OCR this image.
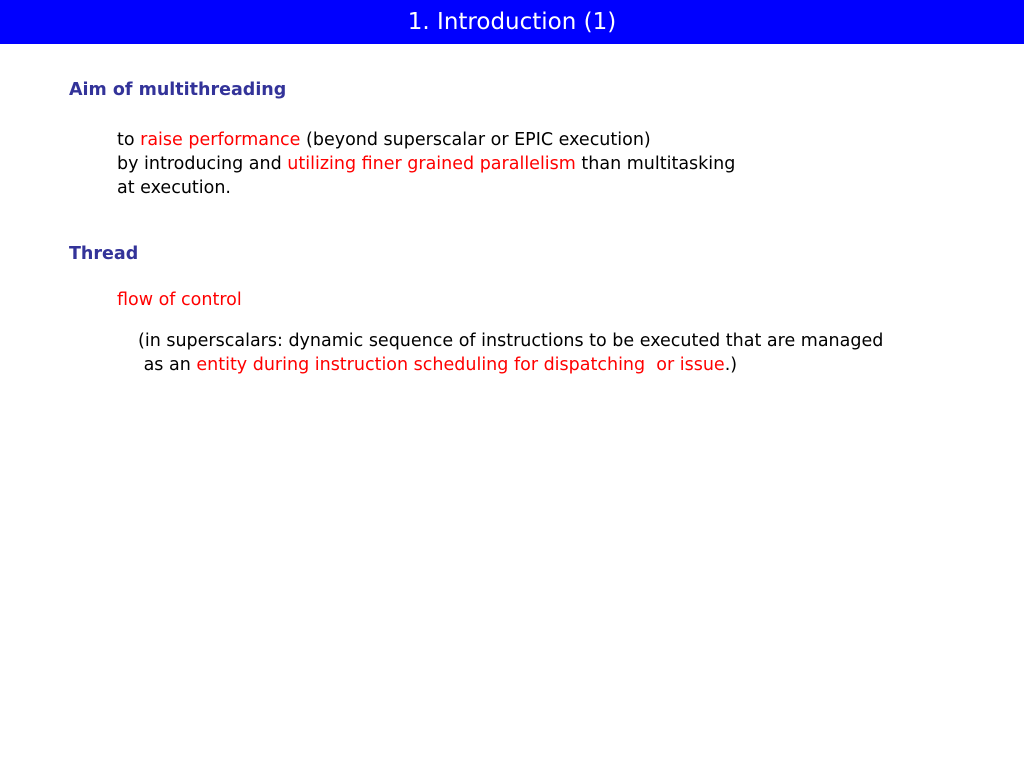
1. Introduction (1)
Aim of multithreading
to raise performance (beyond superscalar or EPIC execution)
by introducing and utilizing finer grained parallelism than multitasking
at execution.
Thread
flow of control
(in superscalars: dynamic sequence of instructions to be executed that are managed
as an entity during instruction scheduling for dispatching  or issue.)
